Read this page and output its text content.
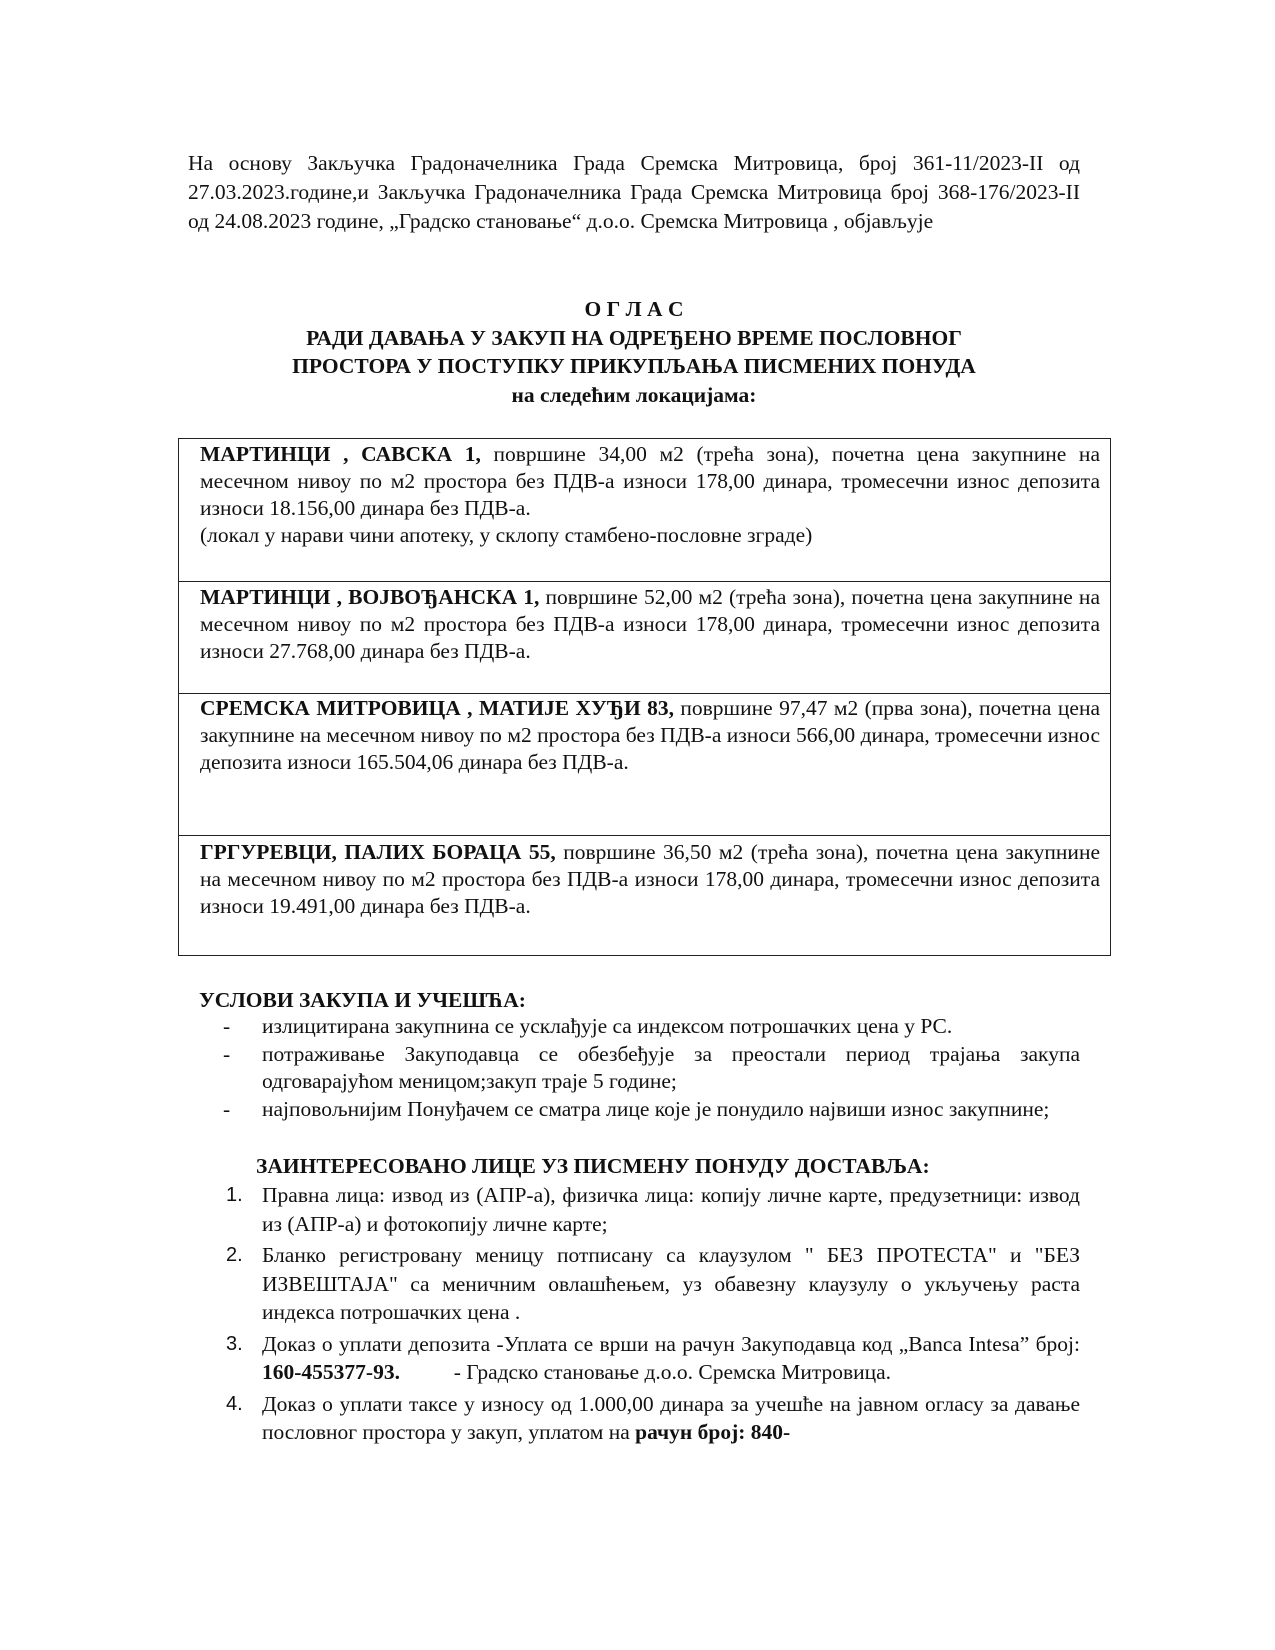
На основу Закључка Градоначелника Града Сремска Митровица, број 361-11/2023-II од 27.03.2023.године,и Закључка Градоначелника Града Сремска Митровица број 368-176/2023-II од 24.08.2023 године, „Градско становање“ д.о.о. Сремска Митровица , објављује
О Г Л А С
РАДИ ДАВАЊА У ЗАКУП НА ОДРЕЂЕНО ВРЕМЕ ПОСЛОВНОГ
ПРОСТОРА У ПОСТУПКУ ПРИКУПЉАЊА ПИСМЕНИХ ПОНУДА
на следећим локацијама:
МАРТИНЦИ , САВСКА 1, површине 34,00 м2 (трећа зона), почетна цена закупнине на месечном нивоу по м2 простора без ПДВ-а износи 178,00 динара, тромесечни износ депозита износи 18.156,00 динара без ПДВ-а.
(локал у нарави чини апотеку, у склопу стамбено-пословне зграде)
МАРТИНЦИ , ВОЈВОЂАНСКА 1, површине 52,00 м2 (трећа зона), почетна цена закупнине на месечном нивоу по м2 простора без ПДВ-а износи 178,00 динара, тромесечни износ депозита износи 27.768,00 динара без ПДВ-а.
СРЕМСКА МИТРОВИЦА , МАТИЈЕ ХУЂИ 83, површине 97,47 м2 (прва зона), почетна цена закупнине на месечном нивоу по м2 простора без ПДВ-а износи 566,00 динара, тромесечни износ депозита износи 165.504,06 динара без ПДВ-а.
ГРГУРЕВЦИ, ПАЛИХ БОРАЦА 55, површине 36,50 м2 (трећа зона), почетна цена закупнине на месечном нивоу по м2 простора без ПДВ-а износи 178,00 динара, тромесечни износ депозита износи 19.491,00 динара без ПДВ-а.
УСЛОВИ ЗАКУПА И УЧЕШЋА:
- излицитирана закупнина се усклађује са индексом потрошачких цена у РС.
- потраживање Закуподавца се обезбеђује за преостали период трајања закупа одговарајућом меницом;закуп траје 5 године;
- најповољнијим Понуђачем се сматра лице које је понудило највиши износ закупнине;
ЗАИНТЕРЕСОВАНО ЛИЦЕ УЗ ПИСМЕНУ ПОНУДУ ДОСТАВЉА:
1. Правна лица: извод из (АПР-а), физичка лица: копију личне карте, предузетници: извод из (АПР-а) и фотокопију личне карте;
2. Бланко регистровану меницу потписану са клаузулом " БЕЗ ПРОТЕСТА" и "БЕЗ ИЗВЕШТАЈА" са меничним овлашћењем, уз обавезну клаузулу о укључењу раста индекса потрошачких цена .
3. Доказ о уплати депозита -Уплата се врши на рачун Закуподавца код „Banca Intesa” број: 160-455377-93.          - Градско становање д.о.о. Сремска Митровица.
4. Доказ о уплати таксе у износу од 1.000,00 динара за учешће на јавном огласу за давање пословног простора у закуп, уплатом на рачун број: 840-
